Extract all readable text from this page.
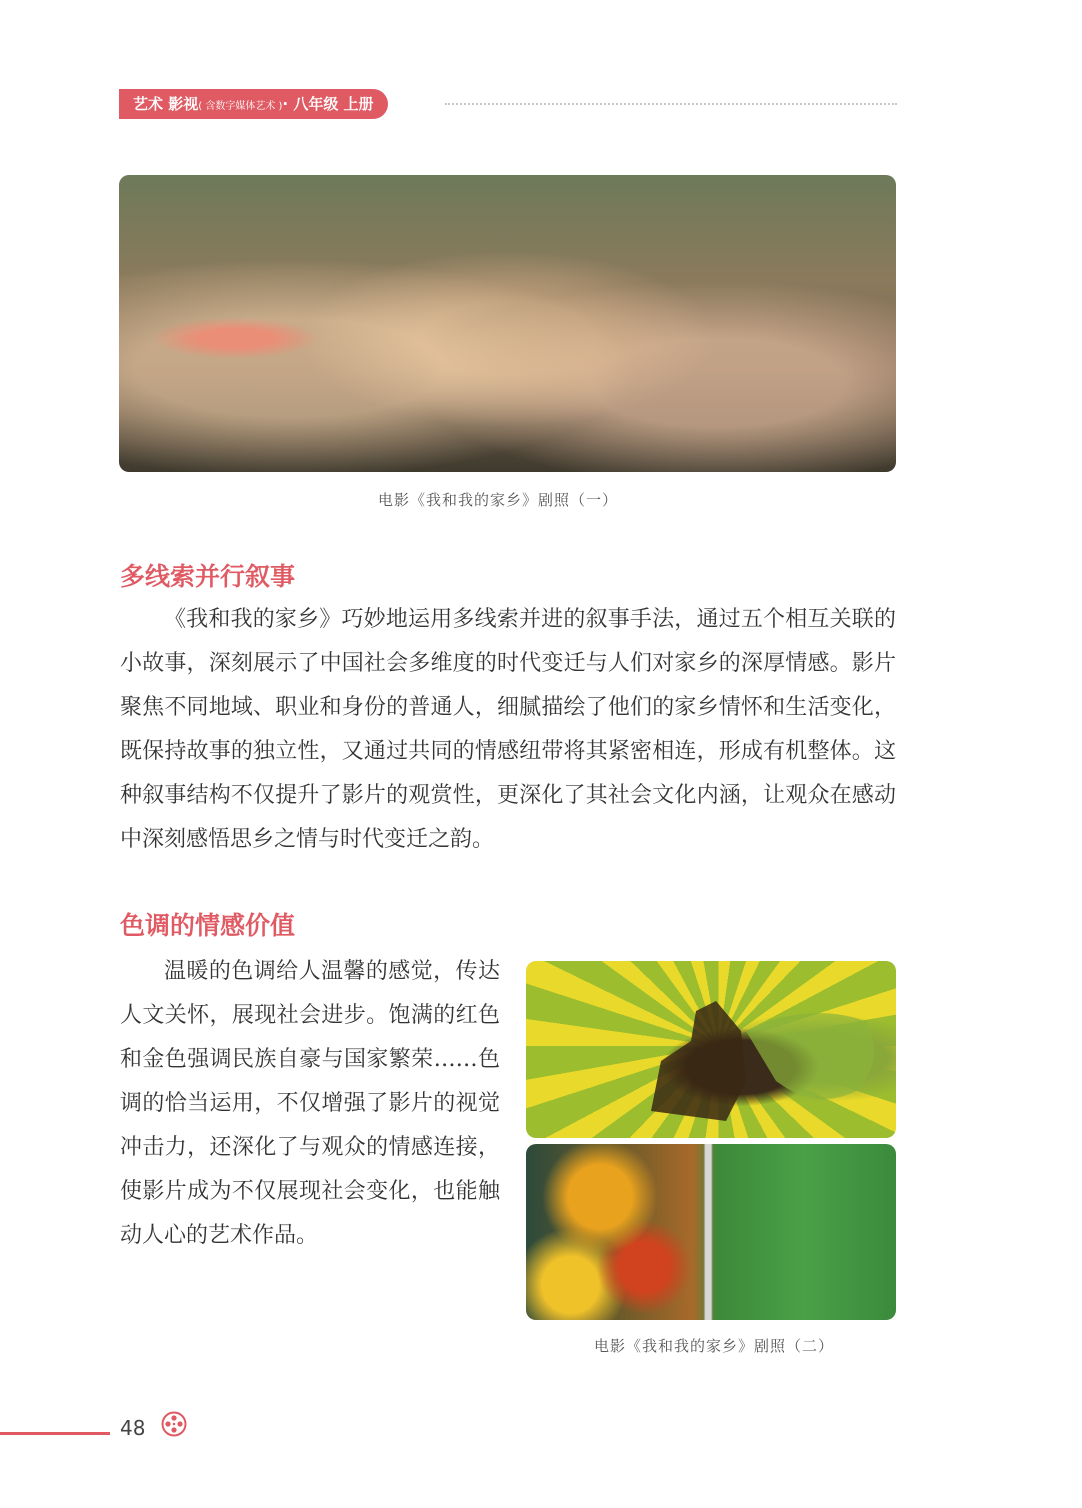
艺术 影视( 含数字媒体艺术 )· 八年级 上册
电影《我和我的家乡》剧照（一）
多线索并行叙事

《我和我的家乡》巧妙地运用多线索并进的叙事手法，通过五个相互关联的小故事，深刻展示了中国社会多维度的时代变迁与人们对家乡的深厚情感。影片聚焦不同地域、职业和身份的普通人，细腻描绘了他们的家乡情怀和生活变化，既保持故事的独立性，又通过共同的情感纽带将其紧密相连，形成有机整体。这种叙事结构不仅提升了影片的观赏性，更深化了其社会文化内涵，让观众在感动中深刻感悟思乡之情与时代变迁之韵。

色调的情感价值

温暖的色调给人温馨的感觉，传达人文关怀，展现社会进步。饱满的红色和金色强调民族自豪与国家繁荣……色调的恰当运用，不仅增强了影片的视觉冲击力，还深化了与观众的情感连接，使影片成为不仅展现社会变化，也能触动人心的艺术作品。

电影《我和我的家乡》剧照（二）
48
